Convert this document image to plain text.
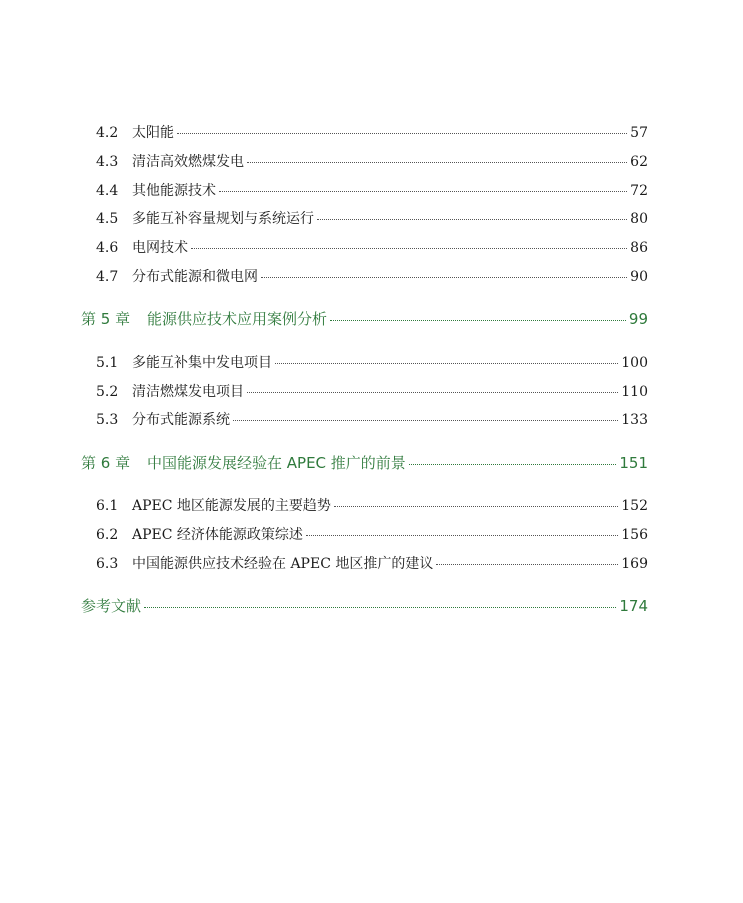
4.2 太阳能	57
4.3 清洁高效燃煤发电	62
4.4 其他能源技术	72
4.5 多能互补容量规划与系统运行	80
4.6 电网技术	86
4.7 分布式能源和微电网	90
第 5 章	能源供应技术应用案例分析	99
5.1 多能互补集中发电项目	100
5.2 清洁燃煤发电项目	110
5.3 分布式能源系统	133
第 6 章	中国能源发展经验在 APEC 推广的前景	151
6.1 APEC 地区能源发展的主要趋势	152
6.2 APEC 经济体能源政策综述	156
6.3 中国能源供应技术经验在 APEC 地区推广的建议	169
参考文献	174
